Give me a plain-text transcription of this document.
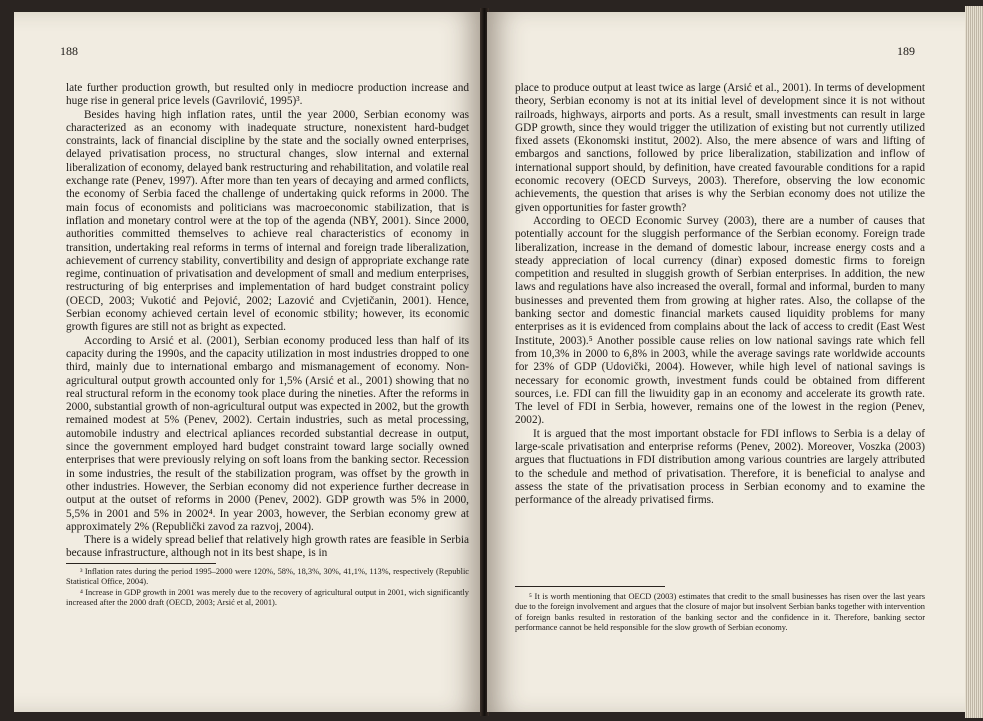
188

late further production growth, but resulted only in mediocre production increase and huge rise in general price levels (Gavrilović, 1995)³.

Besides having high inflation rates, until the year 2000, Serbian economy was characterized as an economy with inadequate structure, nonexistent hard-budget constraints, lack of financial discipline by the state and the socially owned enterprises, delayed privatisation process, no structural changes, slow internal and external liberalization of economy, delayed bank restructuring and rehabilitation, and volatile real exchange rate (Penev, 1997). After more than ten years of decaying and armed conflicts, the economy of Serbia faced the challenge of undertaking quick reforms in 2000. The main focus of economists and politicians was macroeconomic stabilization, that is inflation and monetary control were at the top of the agenda (NBY, 2001). Since 2000, authorities committed themselves to achieve real characteristics of economy in transition, undertaking real reforms in terms of internal and foreign trade liberalization, achievement of currency stability, convertibility and design of appropriate exchange rate regime, continuation of privatisation and development of small and medium enterprises, restructuring of big enterprises and implementation of hard budget constraint policy (OECD, 2003; Vukotić and Pejović, 2002; Lazović and Cvjetičanin, 2001). Hence, Serbian economy achieved certain level of economic stbility; however, its economic growth figures are still not as bright as expected.

According to Arsić et al. (2001), Serbian economy produced less than half of its capacity during the 1990s, and the capacity utilization in most industries dropped to one third, mainly due to international embargo and mismanagement of economy. Non-agricultural output growth accounted only for 1,5% (Arsić et al., 2001) showing that no real structural reform in the economy took place during the nineties. After the reforms in 2000, substantial growth of non-agricultural output was expected in 2002, but the growth remained modest at 5% (Penev, 2002). Certain industries, such as metal processing, automobile industry and electrical apliances recorded substantial decrease in output, since the government employed hard budget constraint toward large socially owned enterprises that were previously relying on soft loans from the banking sector. Recession in some industries, the result of the stabilization program, was offset by the growth in other industries. However, the Serbian economy did not experience further decrease in output at the outset of reforms in 2000 (Penev, 2002). GDP growth was 5% in 2000, 5,5% in 2001 and 5% in 2002⁴. In year 2003, however, the Serbian economy grew at approximately 2% (Republički zavod za razvoj, 2004).

There is a widely spread belief that relatively high growth rates are feasible in Serbia because infrastructure, although not in its best shape, is in

³ Inflation rates during the period 1995–2000 were 120%, 58%, 18,3%, 30%, 41,1%, 113%, respectively (Republic Statistical Office, 2004).

⁴ Increase in GDP growth in 2001 was merely due to the recovery of agricultural output in 2001, wich significantly increased after the 2000 draft (OECD, 2003; Arsić et al, 2001).

189

place to produce output at least twice as large (Arsić et al., 2001). In terms of development theory, Serbian economy is not at its initial level of development since it is not without railroads, highways, airports and ports. As a result, small investments can result in large GDP growth, since they would trigger the utilization of existing but not currently utilized fixed assets (Ekonomski institut, 2002). Also, the mere absence of wars and lifting of embargos and sanctions, followed by price liberalization, stabilization and inflow of international support should, by definition, have created favourable conditions for a rapid economic recovery (OECD Surveys, 2003). Therefore, observing the low economic achievements, the question that arises is why the Serbian economy does not utilize the given opportunities for faster growth?

According to OECD Economic Survey (2003), there are a number of causes that potentially account for the sluggish performance of the Serbian economy. Foreign trade liberalization, increase in the demand of domestic labour, increase energy costs and a steady appreciation of local currency (dinar) exposed domestic firms to foreign competition and resulted in sluggish growth of Serbian enterprises. In addition, the new laws and regulations have also increased the overall, formal and informal, burden to many businesses and prevented them from growing at higher rates. Also, the collapse of the banking sector and domestic financial markets caused liquidity problems for many enterprises as it is evidenced from complains about the lack of access to credit (East West Institute, 2003).⁵ Another possible cause relies on low national savings rate which fell from 10,3% in 2000 to 6,8% in 2003, while the average savings rate worldwide accounts for 23% of GDP (Udovički, 2004). However, while high level of national savings is necessary for economic growth, investment funds could be obtained from different sources, i.e. FDI can fill the liwuidity gap in an economy and accelerate its growth rate. The level of FDI in Serbia, however, remains one of the lowest in the region (Penev, 2002).

It is argued that the most important obstacle for FDI inflows to Serbia is a delay of large-scale privatisation and enterprise reforms (Penev, 2002). Moreover, Voszka (2003) argues that fluctuations in FDI distribution among various countries are largely attributed to the schedule and method of privatisation. Therefore, it is beneficial to analyse and assess the state of the privatisation process in Serbian economy and to examine the performance of the already privatised firms.

⁵ It is worth mentioning that OECD (2003) estimates that credit to the small businesses has risen over the last years due to the foreign involvement and argues that the closure of major but insolvent Serbian banks together with intervention of foreign banks resulted in restoration of the banking sector and the confidence in it. Therefore, banking sector performance cannot be held responsible for the slow growth of Serbian economy.
